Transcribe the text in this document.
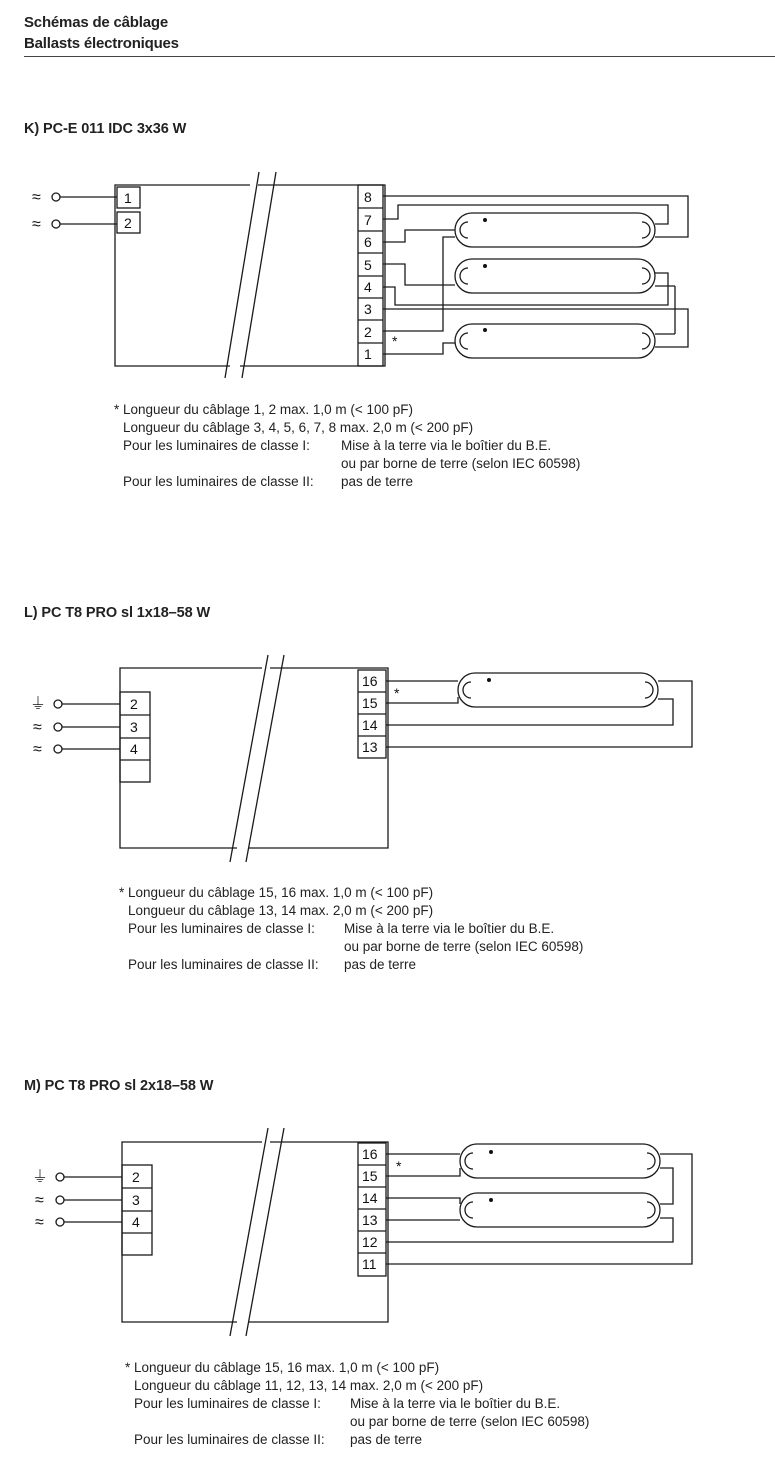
Schémas de câblage
Ballasts électroniques
K) PC-E 011 IDC 3x36 W
≈
≈
1
2
8
7
6
5
4
3
2
1
*
* Longueur du câblage 1, 2 max. 1,0 m (< 100 pF)
Longueur du câblage 3, 4, 5, 6, 7, 8 max. 2,0 m (< 200 pF)
Pour les luminaires de classe I: Mise à la terre via le boîtier du B.E.
ou par borne de terre (selon IEC 60598)
Pour les luminaires de classe II: pas de terre
L) PC T8 PRO sl 1x18–58 W
⏚
≈
≈
2
3
4
16
15
14
13
*
* Longueur du câblage 15, 16 max. 1,0 m (< 100 pF)
Longueur du câblage 13, 14 max. 2,0 m (< 200 pF)
Pour les luminaires de classe I: Mise à la terre via le boîtier du B.E.
ou par borne de terre (selon IEC 60598)
Pour les luminaires de classe II: pas de terre
M) PC T8 PRO sl 2x18–58 W
⏚
≈
≈
2
3
4
16
15
14
13
12
11
*
* Longueur du câblage 15, 16 max. 1,0 m (< 100 pF)
Longueur du câblage 11, 12, 13, 14 max. 2,0 m (< 200 pF)
Pour les luminaires de classe I: Mise à la terre via le boîtier du B.E.
ou par borne de terre (selon IEC 60598)
Pour les luminaires de classe II: pas de terre
